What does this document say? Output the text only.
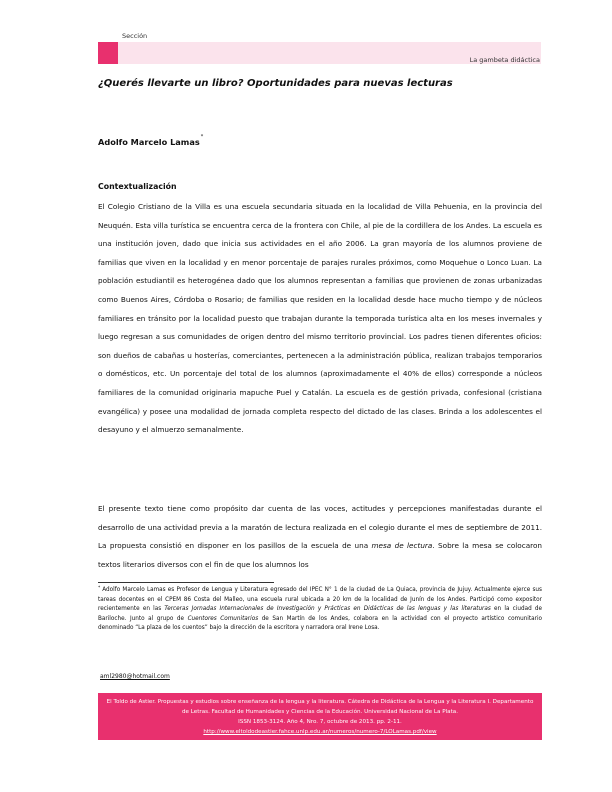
Sección
La gambeta didáctica
¿Querés llevarte un libro? Oportunidades para nuevas lecturas
Adolfo Marcelo Lamas*
Contextualización

El Colegio Cristiano de la Villa es una escuela secundaria situada en la localidad de Villa Pehuenia, en la provincia del Neuquén. Esta villa turística se encuentra cerca de la frontera con Chile, al pie de la cordillera de los Andes. La escuela es una institución joven, dado que inicia sus actividades en el año 2006. La gran mayoría de los alumnos proviene de familias que viven en la localidad y en menor porcentaje de parajes rurales próximos, como Moquehue o Lonco Luan. La población estudiantil es heterogénea dado que los alumnos representan a familias que provienen de zonas urbanizadas como Buenos Aires, Córdoba o Rosario; de familias que residen en la localidad desde hace mucho tiempo y de núcleos familiares en tránsito por la localidad puesto que trabajan durante la temporada turística alta en los meses invernales y luego regresan a sus comunidades de origen dentro del mismo territorio provincial. Los padres tienen diferentes oficios: son dueños de cabañas u hosterías, comerciantes, pertenecen a la administración pública, realizan trabajos temporarios o domésticos, etc. Un porcentaje del total de los alumnos (aproximadamente el 40% de ellos) corresponde a núcleos familiares de la comunidad originaria mapuche Puel y Catalán. La escuela es de gestión privada, confesional (cristiana evangélica) y posee una modalidad de jornada completa respecto del dictado de las clases. Brinda a los adolescentes el desayuno y el almuerzo semanalmente.

El presente texto tiene como propósito dar cuenta de las voces, actitudes y percepciones manifestadas durante el desarrollo de una actividad previa a la maratón de lectura realizada en el colegio durante el mes de septiembre de 2011. La propuesta consistió en disponer en los pasillos de la escuela de una mesa de lectura. Sobre la mesa se colocaron textos literarios diversos con el fin de que los alumnos los

* Adolfo Marcelo Lamas es Profesor de Lengua y Literatura egresado del IPEC N° 1 de la ciudad de La Quiaca, provincia de Jujuy. Actualmente ejerce sus tareas docentes en el CPEM 86 Costa del Malleo, una escuela rural ubicada a 20 km de la localidad de Junín de los Andes. Participó como expositor recientemente en las Terceras Jornadas Internacionales de Investigación y Prácticas en Didácticas de las lenguas y las literaturas en la ciudad de Bariloche. Junto al grupo de Cuentores Comunitarios de San Martín de los Andes, colabora en la actividad con el proyecto artístico comunitario denominado “La plaza de los cuentos” bajo la dirección de la escritora y narradora oral Irene Losa.

aml2980@hotmail.com

El Toldo de Astier. Propuestas y estudios sobre enseñanza de la lengua y la literatura. Cátedra de Didáctica de la Lengua y la Literatura I. Departamento de Letras. Facultad de Humanidades y Ciencias de la Educación. Universidad Nacional de La Plata.
ISSN 1853-3124. Año 4, Nro. 7, octubre de 2013. pp. 2-11.
http://www.eltoldodeastier.fahce.unlp.edu.ar/numeros/numero-7/LOLamas.pdf/view
